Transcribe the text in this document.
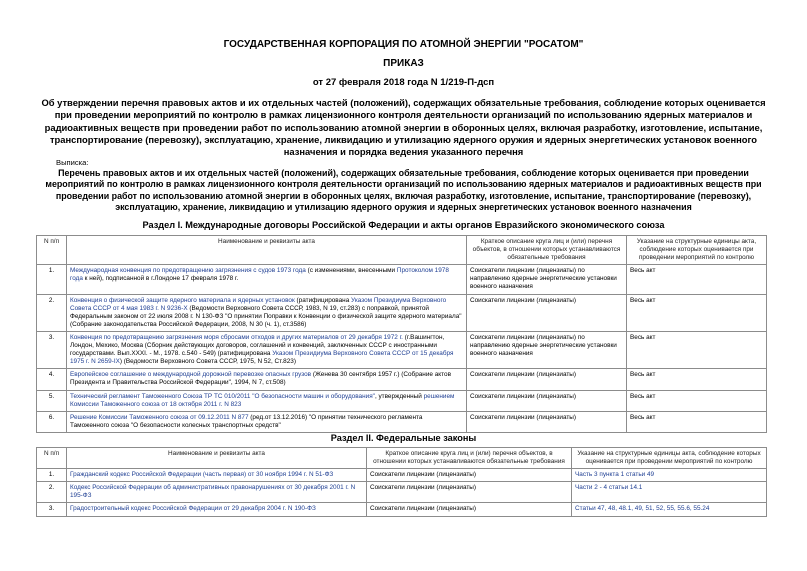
ГОСУДАРСТВЕННАЯ КОРПОРАЦИЯ ПО АТОМНОЙ ЭНЕРГИИ "РОСАТОМ"
ПРИКАЗ
от 27 февраля 2018 года N 1/219-П-дсп
Об утверждении перечня правовых актов и их отдельных частей (положений), содержащих обязательные требования, соблюдение которых оценивается при проведении мероприятий по контролю в рамках лицензионного контроля деятельности организаций по использованию ядерных материалов и радиоактивных веществ при проведении работ по использованию атомной энергии в оборонных целях, включая разработку, изготовление, испытание, транспортирование (перевозку), эксплуатацию, хранение, ликвидацию и утилизацию ядерного оружия и ядерных энергетических установок военного назначения и порядка ведения указанного перечня
Выписка:
Перечень правовых актов и их отдельных частей (положений), содержащих обязательные требования, соблюдение которых оценивается при проведении мероприятий по контролю в рамках лицензионного контроля деятельности организаций по использованию ядерных материалов и радиоактивных веществ при проведении работ по использованию атомной энергии в оборонных целях, включая разработку, изготовление, испытание, транспортирование (перевозку), эксплуатацию, хранение, ликвидацию и утилизацию ядерного оружия и ядерных энергетических установок военного назначения
Раздел I. Международные договоры Российской Федерации и акты органов Евразийского экономического союза
N п/п	Наименование и реквизиты акта	Краткое описание круга лиц и (или) перечня объектов, в отношении которых устанавливаются обязательные требования	Указание на структурные единицы акта, соблюдение которых оценивается при проведении мероприятий по контролю
1.	Международная конвенция по предотвращению загрязнения с судов 1973 года (с изменениями, внесенными Протоколом 1978 года к ней), подписанной в г.Лондоне 17 февраля 1978 г.	Соискатели лицензии (лицензиаты) по направлению ядерные энергетические установки военного назначения	Весь акт
2.	Конвенция о физической защите ядерного материала и ядерных установок (ратифицирована Указом Президиума Верховного Совета СССР от 4 мая 1983 г. N 9236-X (Ведомости Верховного Совета СССР, 1983, N 19, ст.283) с поправкой, принятой Федеральным законом от 22 июля 2008 г. N 130-ФЗ "О принятии Поправки к Конвенции о физической защите ядерного материала" (Собрание законодательства Российской Федерации, 2008, N 30 (ч. 1), ст.3586)	Соискатели лицензии (лицензиаты)	Весь акт
3.	Конвенция по предотвращению загрязнения моря сбросами отходов и других материалов от 29 декабря 1972 г. (г.Вашингтон, Лондон, Мехико, Москва (Сборник действующих договоров, соглашений и конвенций, заключенных СССР с иностранными государствами. Вып.XXXI. - М., 1978. с.540 - 549) (ратифицирована Указом Президиума Верховного Совета СССР от 15 декабря 1975 г. N 2659-IX) (Ведомости Верховного Совета СССР, 1975, N 52, Ст.823)	Соискатели лицензии (лицензиаты) по направлению ядерные энергетические установки военного назначения	Весь акт
4.	Европейское соглашение о международной дорожной перевозке опасных грузов (Женева 30 сентября 1957 г.) (Собрание актов Президента и Правительства Российской Федерации", 1994, N 7, ст.508)	Соискатели лицензии (лицензиаты)	Весь акт
5.	Технический регламент Таможенного Союза ТР ТС 010/2011 "О безопасности машин и оборудования", утвержденный решением Комиссии Таможенного союза от 18 октября 2011 г. N 823	Соискатели лицензии (лицензиаты)	Весь акт
6.	Решение Комиссии Таможенного союза от 09.12.2011 N 877 (ред.от 13.12.2016) "О принятии технического регламента Таможенного союза "О безопасности колесных транспортных средств"	Соискатели лицензии (лицензиаты)	Весь акт
Раздел II. Федеральные законы
N п/п	Наименование и реквизиты акта	Краткое описание круга лиц и (или) перечня объектов, в отношении которых устанавливаются обязательные требования	Указание на структурные единицы акта, соблюдение которых оценивается при проведении мероприятий по контролю
1.	Гражданский кодекс Российской Федерации (часть первая) от 30 ноября 1994 г. N 51-ФЗ	Соискатели лицензии (лицензиаты)	Часть 3 пункта 1 статьи 49
2.	Кодекс Российской Федерации об административных правонарушениях от 30 декабря 2001 г. N 195-ФЗ	Соискатели лицензии (лицензиаты)	Части 2 - 4 статьи 14.1
3.	Градостроительный кодекс Российской Федерации от 29 декабря 2004 г. N 190-ФЗ	Соискатели лицензии (лицензиаты)	Статьи 47, 48, 48.1, 49, 51, 52, 55, 55.6, 55.24
